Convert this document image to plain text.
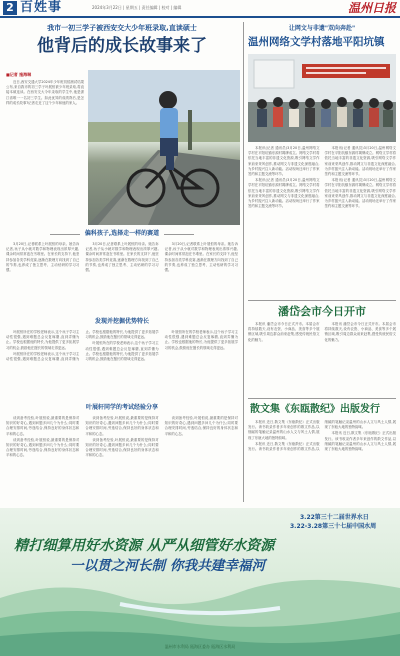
2 百姓事	2024年3月22日 | 星期五 | 责任编辑 | 校对 | 编辑	温州日报
我市一初三学子被西安交大少年班录取,直读硕士
他背后的成长故事来了
■记者 施海琳

近日,西安交通大学2024年少年班初招测试结果公布,来自我市的初三学子叶展恒被少年班录取,将直接本硕连读。在西安交大今年录取的学生中,他是浙江省唯一一名初三学生。如此优异的成绩背后,是怎样的成长故事?记者走近了这个少年和他的家人。

偏科孩子,选择走一样的赛道

3月20日,记者联系上叶展恒的母亲。她告诉记者,孩子从小就对数学和物理表现出浓厚兴趣,课余时间常常泡在书堆里。在家长的支持下,他坚持参加各类学科竞赛,逐渐在数理方向找到了自己的节奏,也养成了独立思考、主动钻研的学习习惯。

3月20日,记者联系上叶展恒的母亲。她告诉记者,孩子从小就对数学和物理表现出浓厚兴趣,课余时间常常泡在书堆里。在家长的支持下,他坚持参加各类学科竞赛,逐渐在数理方向找到了自己的节奏,也养成了独立思考、主动钻研的学习习惯。

3月20日,记者联系上叶展恒的母亲。她告诉记者,孩子从小就对数学和物理表现出浓厚兴趣,课余时间常常泡在书堆里。在家长的支持下,他坚持参加各类学科竞赛,逐渐在数理方向找到了自己的节奏,也养成了独立思考、主动钻研的学习习惯。

发现并挖掘优势特长

叶展恒所在的学校老师表示,这个孩子学习主动性很强,遇到难题总会反复琢磨,直到弄懂为止。学校也根据他的特长,为他提供了更多拓展学习的机会,鼓励他在擅长的领域走得更远。

叶展恒所在的学校老师表示,这个孩子学习主动性很强,遇到难题总会反复琢磨,直到弄懂为止。学校也根据他的特长,为他提供了更多拓展学习的机会,鼓励他在擅长的领域走得更远。

叶展恒所在的学校老师表示,这个孩子学习主动性很强,遇到难题总会反复琢磨,直到弄懂为止。学校也根据他的特长,为他提供了更多拓展学习的机会,鼓励他在擅长的领域走得更远。

叶展恒所在的学校老师表示,这个孩子学习主动性很强,遇到难题总会反复琢磨,直到弄懂为止。学校也根据他的特长,为他提供了更多拓展学习的机会,鼓励他在擅长的领域走得更远。

叶展轩同学的考试经验分享

谈到备考经验,叶展恒说,最重要的是保持对知识的好奇心,遇到问题多问几个为什么;同时要合理安排时间,劳逸结合,保持良好的身体状态和平和的心态。

谈到备考经验,叶展恒说,最重要的是保持对知识的好奇心,遇到问题多问几个为什么;同时要合理安排时间,劳逸结合,保持良好的身体状态和平和的心态。

谈到备考经验,叶展恒说,最重要的是保持对知识的好奇心,遇到问题多问几个为什么;同时要合理安排时间,劳逸结合,保持良好的身体状态和平和的心态。

谈到备考经验,叶展恒说,最重要的是保持对知识的好奇心,遇到问题多问几个为什么;同时要合理安排时间,劳逸结合,保持良好的身体状态和平和的心态。

谈到备考经验,叶展恒说,最重要的是保持对知识的好奇心,遇到问题多问几个为什么;同时要合理安排时间,劳逸结合,保持良好的身体状态和平和的心态。

让网文与非遗"双向奔赴"
温州网络文学村落地平阳坑镇

本报讯(记者 通讯员)3月20日,温州网络文学村在平阳坑镇东源村揭牌成立。网络文学村将依托当地丰富的非遗文化资源,吸引网络文学作家前来采风创作,推动网文与非遗文化深度融合,为乡村振兴注入新动能。活动现场还举行了作家签约和主题交流等环节。

本报讯(记者 通讯员)3月20日,温州网络文学村在平阳坑镇东源村揭牌成立。网络文学村将依托当地丰富的非遗文化资源,吸引网络文学作家前来采风创作,推动网文与非遗文化深度融合,为乡村振兴注入新动能。活动现场还举行了作家签约和主题交流等环节。

本报讯(记者 通讯员)3月20日,温州网络文学村在平阳坑镇东源村揭牌成立。网络文学村将依托当地丰富的非遗文化资源,吸引网络文学作家前来采风创作,推动网文与非遗文化深度融合,为乡村振兴注入新动能。活动现场还举行了作家签约和主题交流等环节。

本报讯(记者 通讯员)3月20日,温州网络文学村在平阳坑镇东源村揭牌成立。网络文学村将依托当地丰富的非遗文化资源,吸引网络文学作家前来采风创作,推动网文与非遗文化深度融合,为乡村振兴注入新动能。活动现场还举行了作家签约和主题交流等环节。

潘岱会市今日开市

本报讯 潘岱会市今日正式开市。本届会市将持续数天,设有农资、小商品、美食等多个展销区域,吸引周边群众前来赶集,感受传统民俗文化的魅力。

本报讯 潘岱会市今日正式开市。本届会市将持续数天,设有农资、小商品、美食等多个展销区域,吸引周边群众前来赶集,感受传统民俗文化的魅力。

散文集《东瓯散纪》出版发行

本报讯 近日,散文集《东瓯散纪》正式出版发行。该书收录作者多年来创作的散文作品,以细腻的笔触记录温州的山水人文与风土人情,展现了东瓯大地的独特韵味。

本报讯 近日,散文集《东瓯散纪》正式出版发行。该书收录作者多年来创作的散文作品,以细腻的笔触记录温州的山水人文与风土人情,展现了东瓯大地的独特韵味。

本报讯 近日,散文集《东瓯散纪》正式出版发行。该书收录作者多年来创作的散文作品,以细腻的笔触记录温州的山水人文与风土人情,展现了东瓯大地的独特韵味。

3.22第三十二届世界水日
3.22-3.28第三十七届中国水周
精打细算用好水资源 从严从细管好水资源
一以贯之河长制 你我共建幸福河
温州市水利局 瓯海区委办 瓯海区水利局
